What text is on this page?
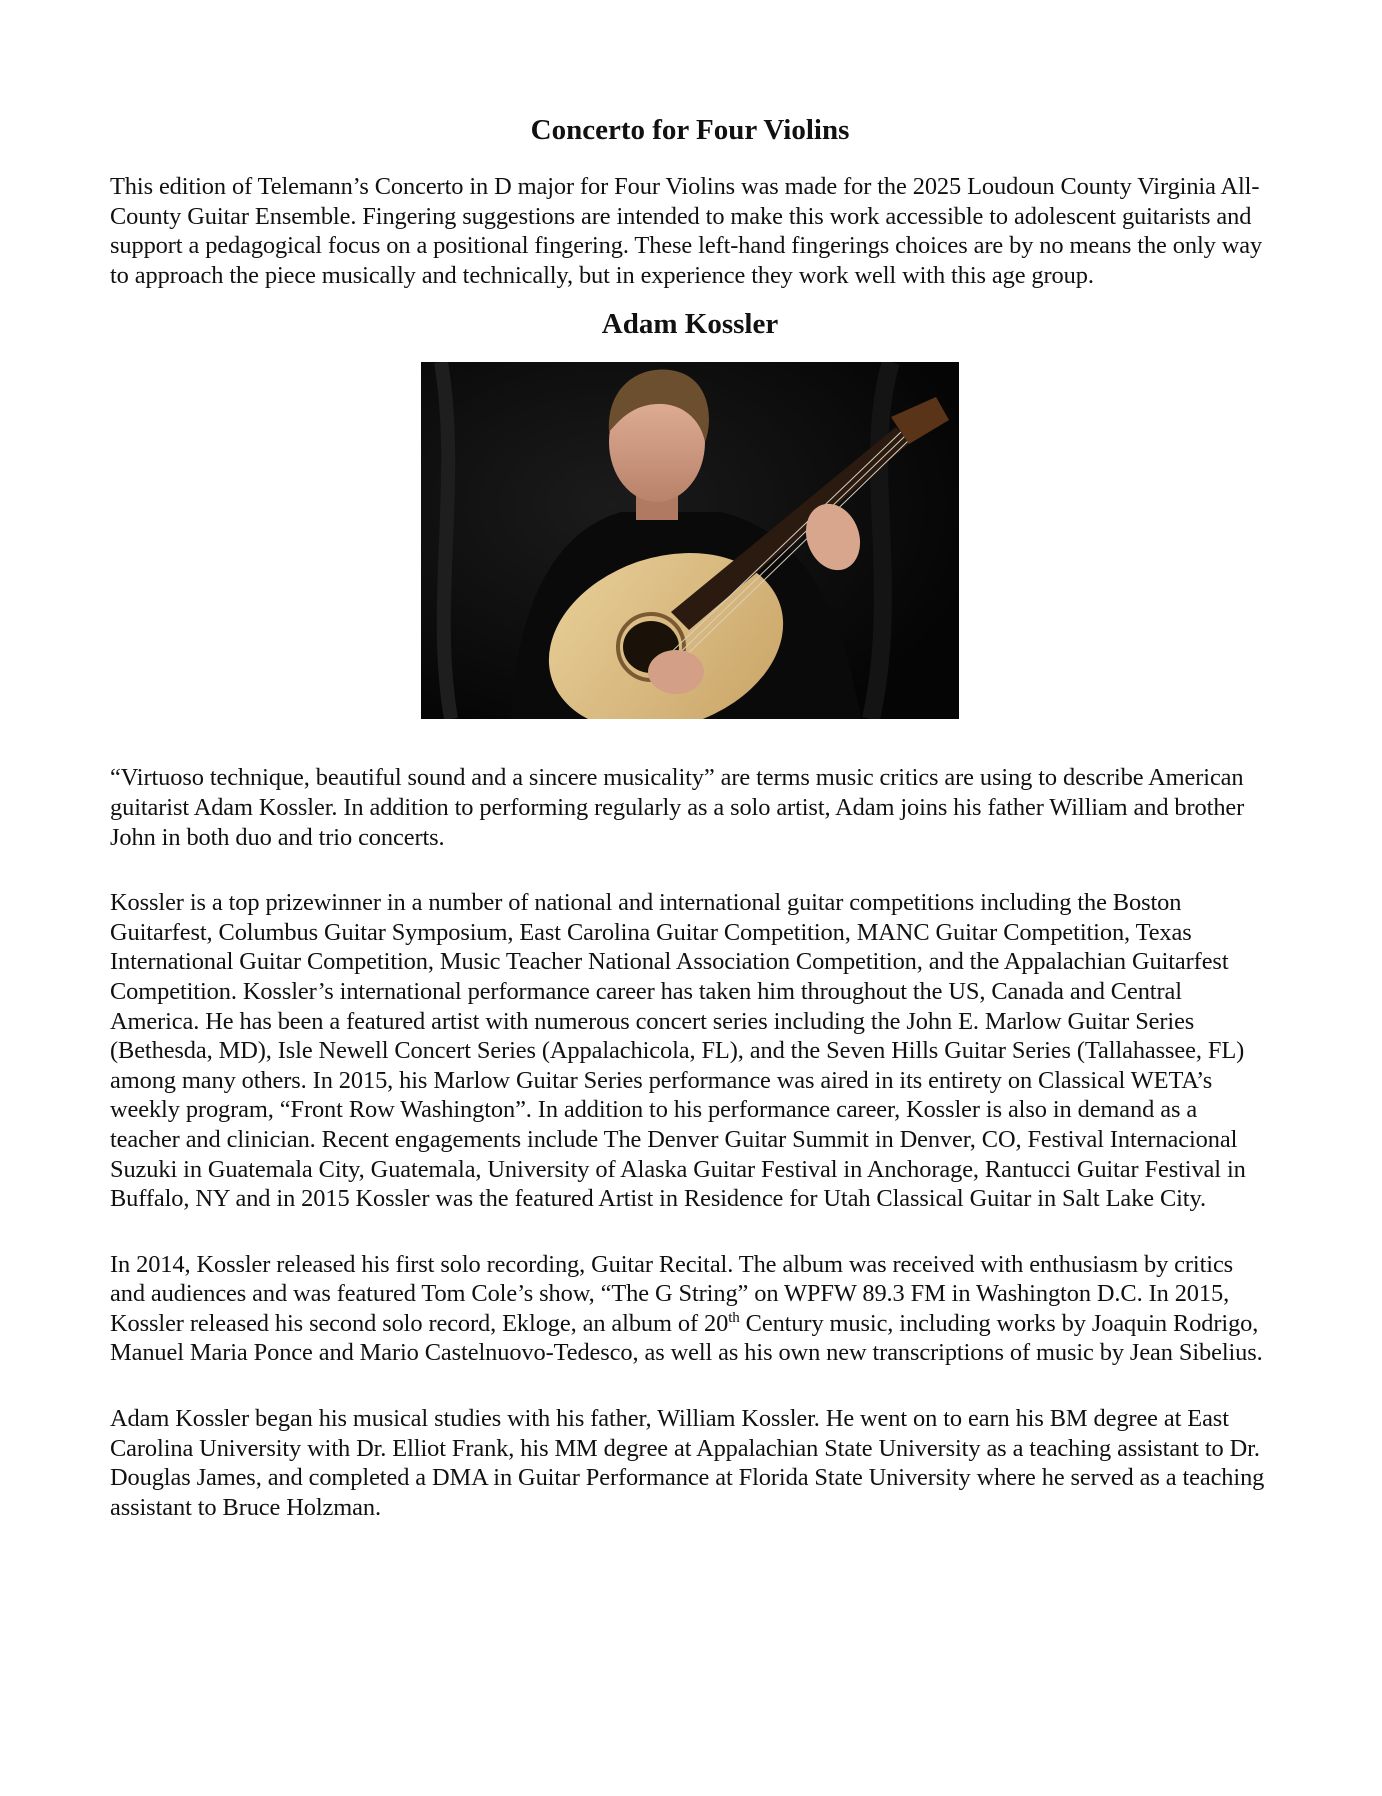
Concerto for Four Violins

This edition of Telemann’s Concerto in D major for Four Violins was made for the 2025 Loudoun County Virginia All-County Guitar Ensemble. Fingering suggestions are intended to make this work accessible to adolescent guitarists and support a pedagogical focus on a positional fingering. These left-hand fingerings choices are by no means the only way to approach the piece musically and technically, but in experience they work well with this age group.

Adam Kossler

“Virtuoso technique, beautiful sound and a sincere musicality” are terms music critics are using to describe American guitarist Adam Kossler. In addition to performing regularly as a solo artist, Adam joins his father William and brother John in both duo and trio concerts.

Kossler is a top prizewinner in a number of national and international guitar competitions including the Boston Guitarfest, Columbus Guitar Symposium, East Carolina Guitar Competition, MANC Guitar Competition, Texas International Guitar Competition, Music Teacher National Association Competition, and the Appalachian Guitarfest Competition. Kossler’s international performance career has taken him throughout the US, Canada and Central America. He has been a featured artist with numerous concert series including the John E. Marlow Guitar Series (Bethesda, MD), Isle Newell Concert Series (Appalachicola, FL), and the Seven Hills Guitar Series (Tallahassee, FL) among many others. In 2015, his Marlow Guitar Series performance was aired in its entirety on Classical WETA’s weekly program, “Front Row Washington”. In addition to his performance career, Kossler is also in demand as a teacher and clinician. Recent engagements include The Denver Guitar Summit in Denver, CO, Festival Internacional Suzuki in Guatemala City, Guatemala, University of Alaska Guitar Festival in Anchorage, Rantucci Guitar Festival in Buffalo, NY and in 2015 Kossler was the featured Artist in Residence for Utah Classical Guitar in Salt Lake City.

In 2014, Kossler released his first solo recording, Guitar Recital. The album was received with enthusiasm by critics and audiences and was featured Tom Cole’s show, “The G String” on WPFW 89.3 FM in Washington D.C. In 2015, Kossler released his second solo record, Ekloge, an album of 20th Century music, including works by Joaquin Rodrigo, Manuel Maria Ponce and Mario Castelnuovo-Tedesco, as well as his own new transcriptions of music by Jean Sibelius.

Adam Kossler began his musical studies with his father, William Kossler. He went on to earn his BM degree at East Carolina University with Dr. Elliot Frank, his MM degree at Appalachian State University as a teaching assistant to Dr. Douglas James, and completed a DMA in Guitar Performance at Florida State University where he served as a teaching assistant to Bruce Holzman.
